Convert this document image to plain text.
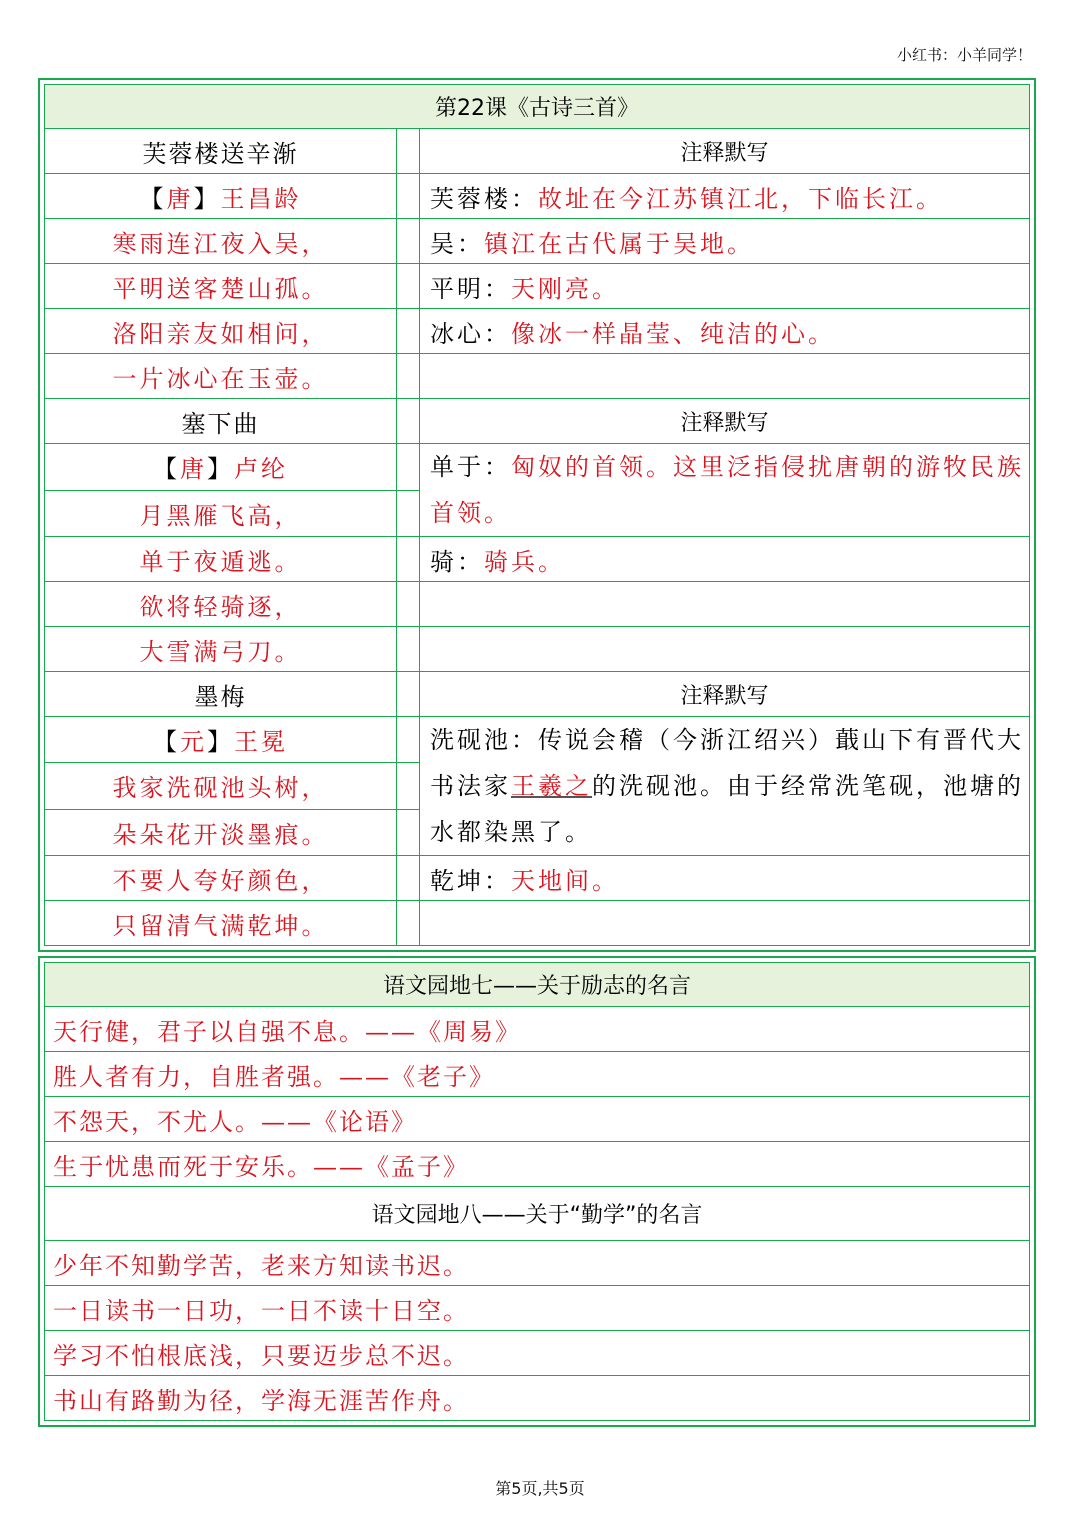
小红书：小羊同学！
第22课《古诗三首》		
芙蓉楼送辛渐		注释默写
【唐】王昌龄		芙蓉楼：故址在今江苏镇江北，下临长江。
寒雨连江夜入吴，		吴：镇江在古代属于吴地。
平明送客楚山孤。		平明：天刚亮。
洛阳亲友如相问，		冰心：像冰一样晶莹、纯洁的心。
一片冰心在玉壶。		
塞下曲		注释默写
【唐】卢纶		单于：匈奴的首领。这里泛指侵扰唐朝的游牧民族首领。
月黑雁飞高，		
单于夜遁逃。		骑：骑兵。
欲将轻骑逐，		
大雪满弓刀。		
墨梅		注释默写
【元】王冕		洗砚池：传说会稽（今浙江绍兴）蕺山下有晋代大书法家王羲之的洗砚池。由于经常洗笔砚，池塘的水都染黑了。
我家洗砚池头树，		
朵朵花开淡墨痕。		
不要人夸好颜色，		乾坤：天地间。
只留清气满乾坤。		
语文园地七——关于励志的名言
天行健，君子以自强不息。——《周易》
胜人者有力，自胜者强。——《老子》
不怨天，不尤人。——《论语》
生于忧患而死于安乐。——《孟子》
语文园地八——关于“勤学”的名言
少年不知勤学苦，老来方知读书迟。
一日读书一日功，一日不读十日空。
学习不怕根底浅，只要迈步总不迟。
书山有路勤为径，学海无涯苦作舟。
第5页,共5页
